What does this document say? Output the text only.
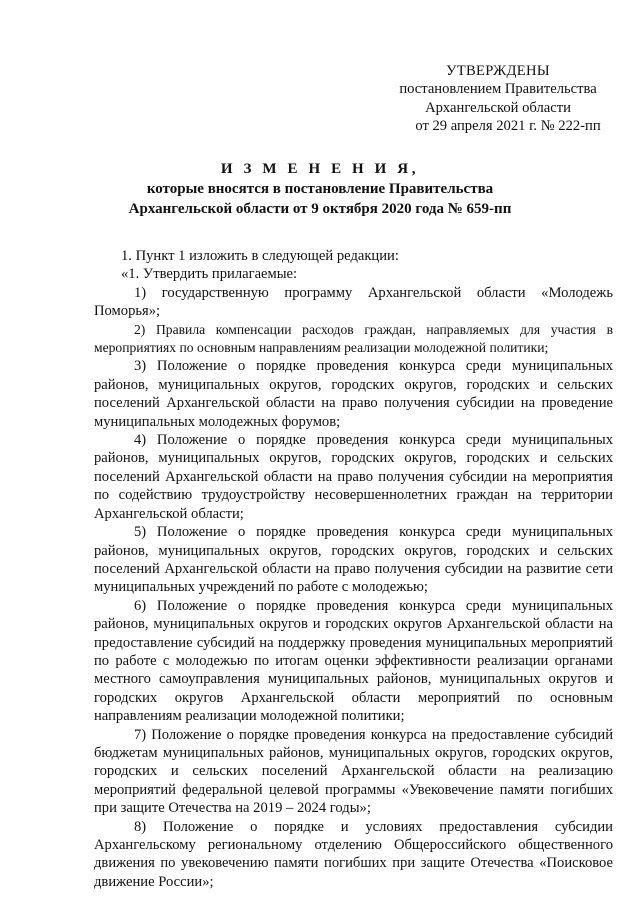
УТВЕРЖДЕНЫ
постановлением Правительства
Архангельской области
от 29 апреля 2021 г. № 222-пп
И З М Е Н Е Н И Я,
которые вносятся в постановление Правительства
Архангельской области от 9 октября 2020 года № 659-пп

1. Пункт 1 изложить в следующей редакции:

«1. Утвердить прилагаемые:

1) государственную программу Архангельской области «Молодежь Поморья»;

2) Правила компенсации расходов граждан, направляемых для участия в мероприятиях по основным направлениям реализации молодежной политики;

3) Положение о порядке проведения конкурса среди муниципальных районов, муниципальных округов, городских округов, городских и сельских поселений Архангельской области на право получения субсидии на проведение муниципальных молодежных форумов;

4) Положение о порядке проведения конкурса среди муниципальных районов, муниципальных округов, городских округов, городских и сельских поселений Архангельской области на право получения субсидии на мероприятия по содействию трудоустройству несовершеннолетних граждан на территории Архангельской области;

5) Положение о порядке проведения конкурса среди муниципальных районов, муниципальных округов, городских округов, городских и сельских поселений Архангельской области на право получения субсидии на развитие сети муниципальных учреждений по работе с молодежью;

6) Положение о порядке проведения конкурса среди муниципальных районов, муниципальных округов и городских округов Архангельской области на предоставление субсидий на поддержку проведения муниципальных мероприятий по работе с молодежью по итогам оценки эффективности реализации органами местного самоуправления муниципальных районов, муниципальных округов и городских округов Архангельской области мероприятий по основным направлениям реализации молодежной политики;

7) Положение о порядке проведения конкурса на предоставление субсидий бюджетам муниципальных районов, муниципальных округов, городских округов, городских и сельских поселений Архангельской области на реализацию мероприятий федеральной целевой программы «Увековечение памяти погибших при защите Отечества на 2019 – 2024 годы»;

8) Положение о порядке и условиях предоставления субсидии Архангельскому региональному отделению Общероссийского общественного движения по увековечению памяти погибших при защите Отечества «Поисковое движение России»;
